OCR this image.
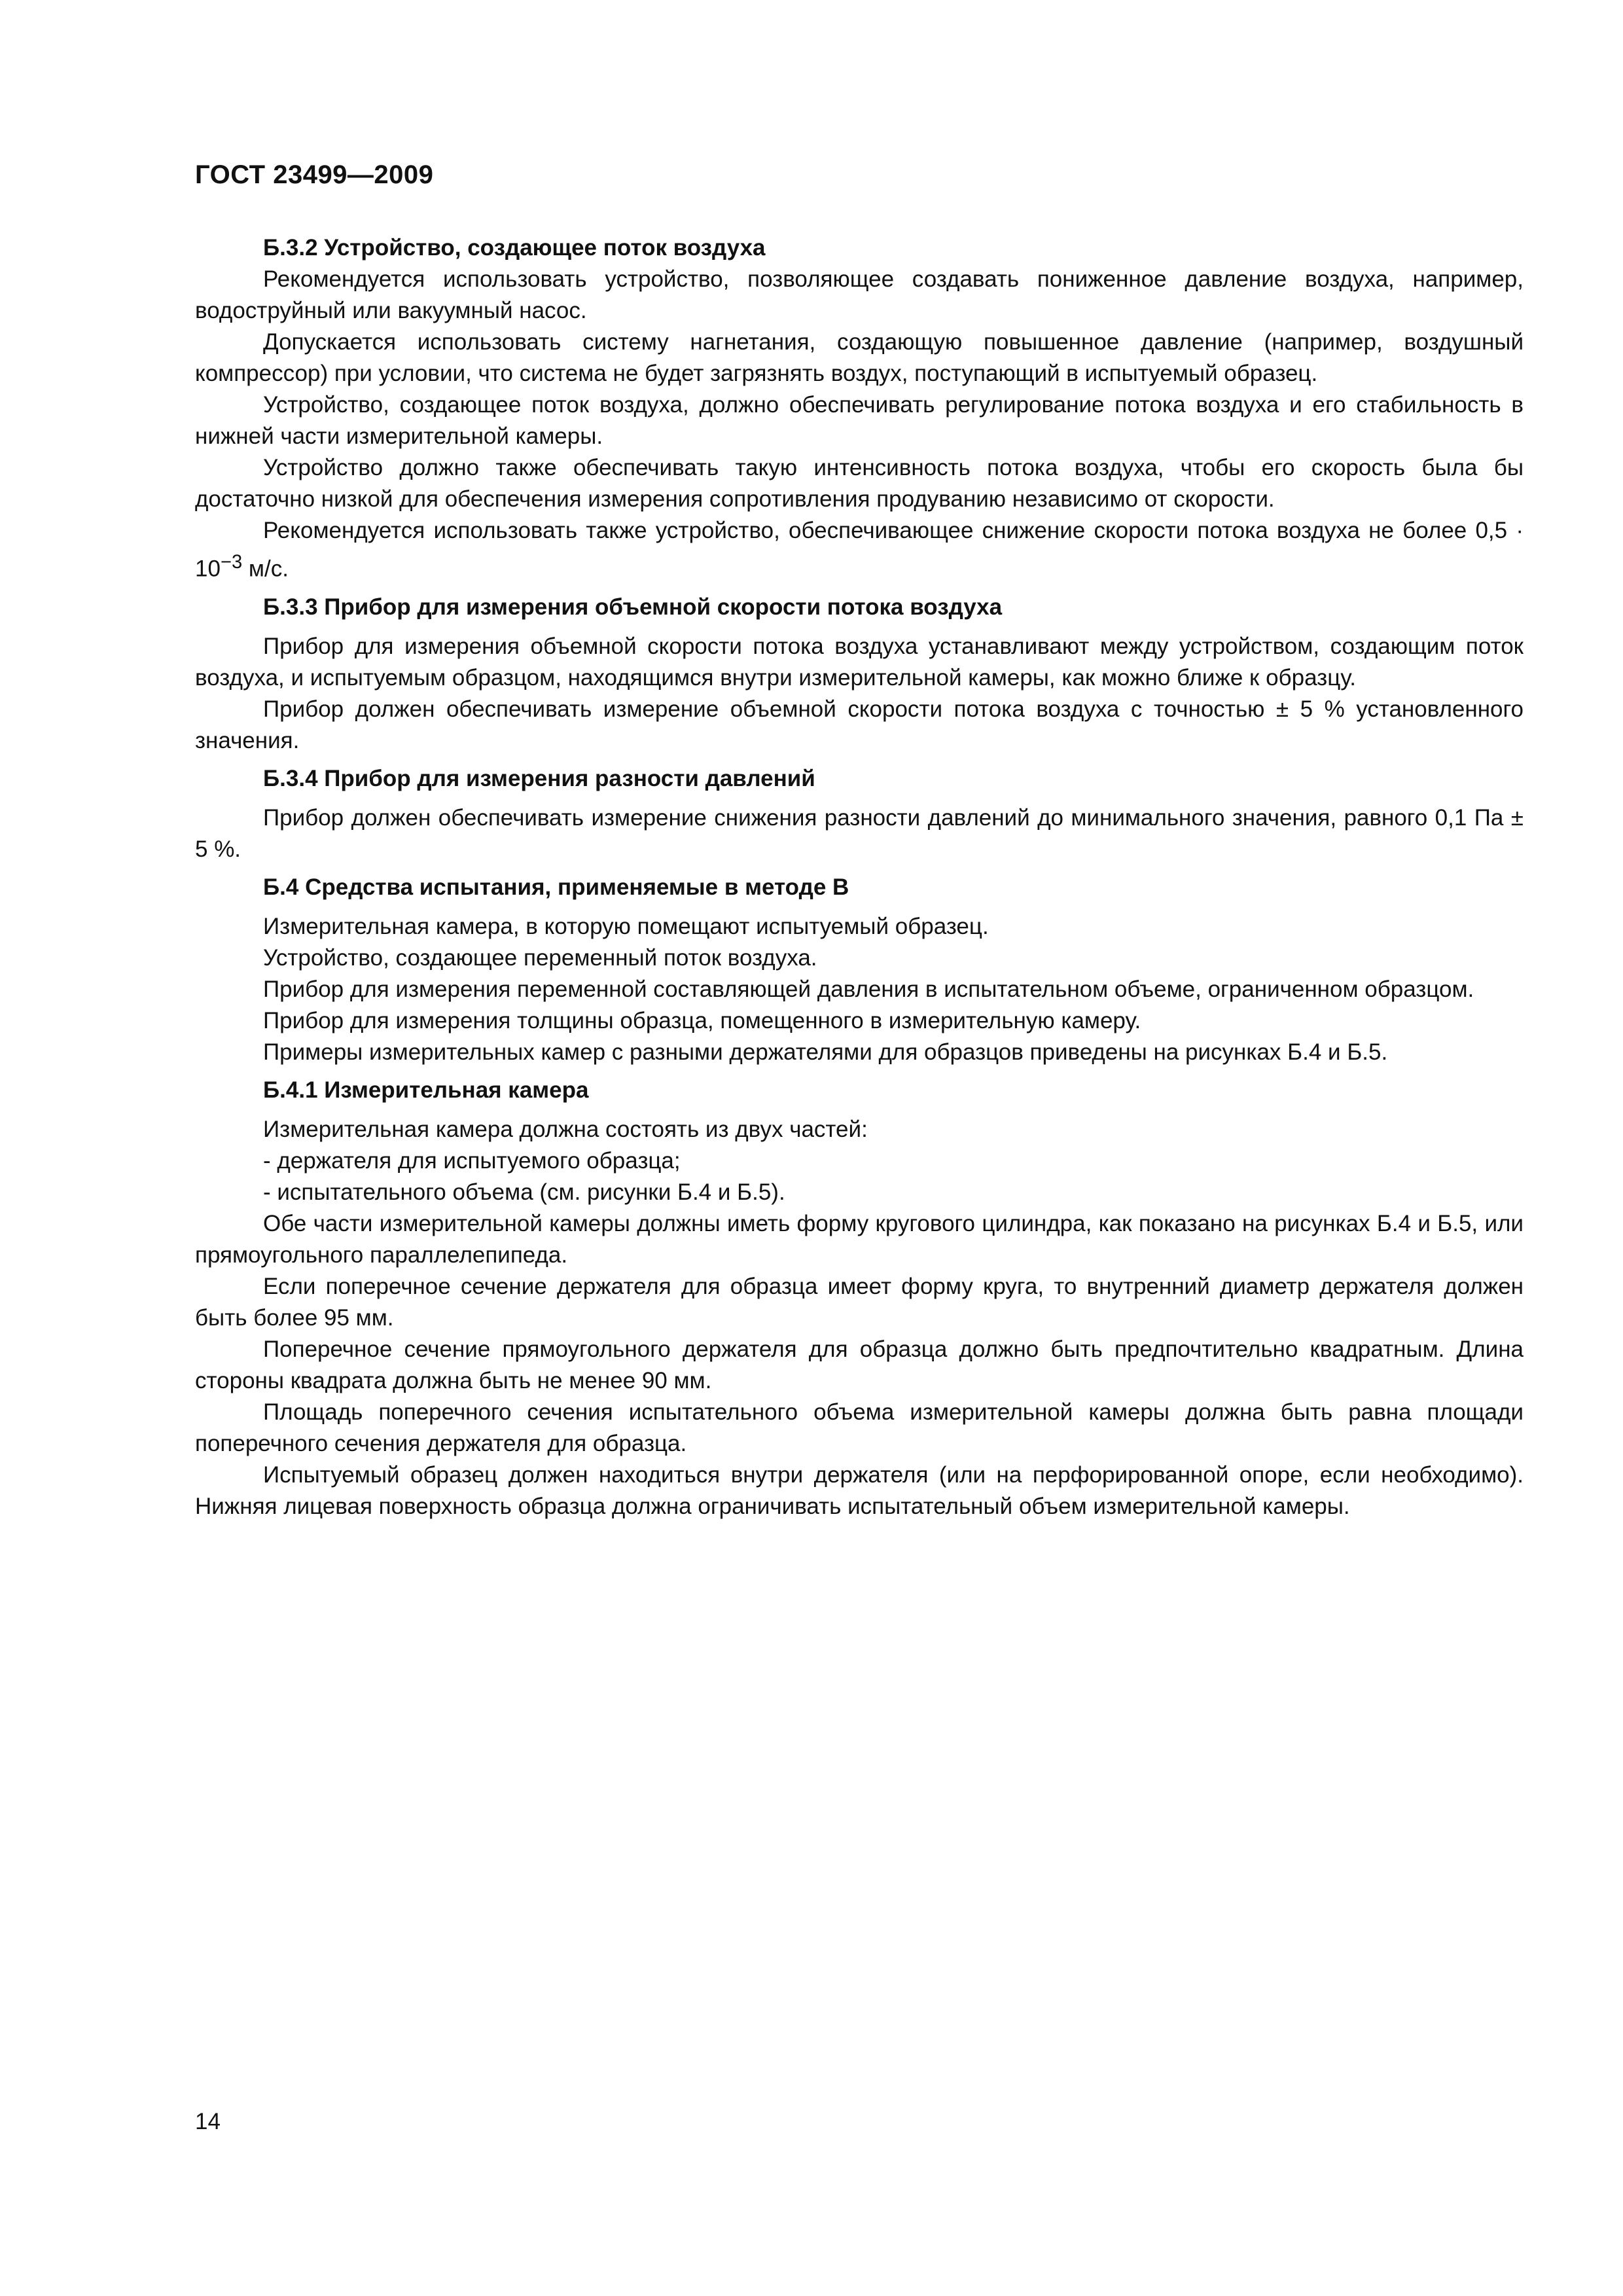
ГОСТ 23499—2009
Б.3.2 Устройство, создающее поток воздуха

Рекомендуется использовать устройство, позволяющее создавать пониженное давление воздуха, например, водоструйный или вакуумный насос.

Допускается использовать систему нагнетания, создающую повышенное давление (например, воздушный компрессор) при условии, что система не будет загрязнять воздух, поступающий в испытуемый образец.

Устройство, создающее поток воздуха, должно обеспечивать регулирование потока воздуха и его стабильность в нижней части измерительной камеры.

Устройство должно также обеспечивать такую интенсивность потока воздуха, чтобы его скорость была бы достаточно низкой для обеспечения измерения сопротивления продуванию независимо от скорости.

Рекомендуется использовать также устройство, обеспечивающее снижение скорости потока воздуха не более $0,5 \cdot 10^{-3}$ м/с.

Б.3.3 Прибор для измерения объемной скорости потока воздуха

Прибор для измерения объемной скорости потока воздуха устанавливают между устройством, создающим поток воздуха, и испытуемым образцом, находящимся внутри измерительной камеры, как можно ближе к образцу.

Прибор должен обеспечивать измерение объемной скорости потока воздуха с точностью ± 5 % установленного значения.

Б.3.4 Прибор для измерения разности давлений

Прибор должен обеспечивать измерение снижения разности давлений до минимального значения, равного 0,1 Па ± 5 %.

Б.4 Средства испытания, применяемые в методе В

Измерительная камера, в которую помещают испытуемый образец.

Устройство, создающее переменный поток воздуха.

Прибор для измерения переменной составляющей давления в испытательном объеме, ограниченном образцом.

Прибор для измерения толщины образца, помещенного в измерительную камеру.

Примеры измерительных камер с разными держателями для образцов приведены на рисунках Б.4 и Б.5.

Б.4.1 Измерительная камера

Измерительная камера должна состоять из двух частей:

- держателя для испытуемого образца;

- испытательного объема (см. рисунки Б.4 и Б.5).

Обе части измерительной камеры должны иметь форму кругового цилиндра, как показано на рисунках Б.4 и Б.5, или прямоугольного параллелепипеда.

Если поперечное сечение держателя для образца имеет форму круга, то внутренний диаметр держателя должен быть более 95 мм.

Поперечное сечение прямоугольного держателя для образца должно быть предпочтительно квадратным. Длина стороны квадрата должна быть не менее 90 мм.

Площадь поперечного сечения испытательного объема измерительной камеры должна быть равна площади поперечного сечения держателя для образца.

Испытуемый образец должен находиться внутри держателя (или на перфорированной опоре, если необходимо). Нижняя лицевая поверхность образца должна ограничивать испытательный объем измерительной камеры.

14
